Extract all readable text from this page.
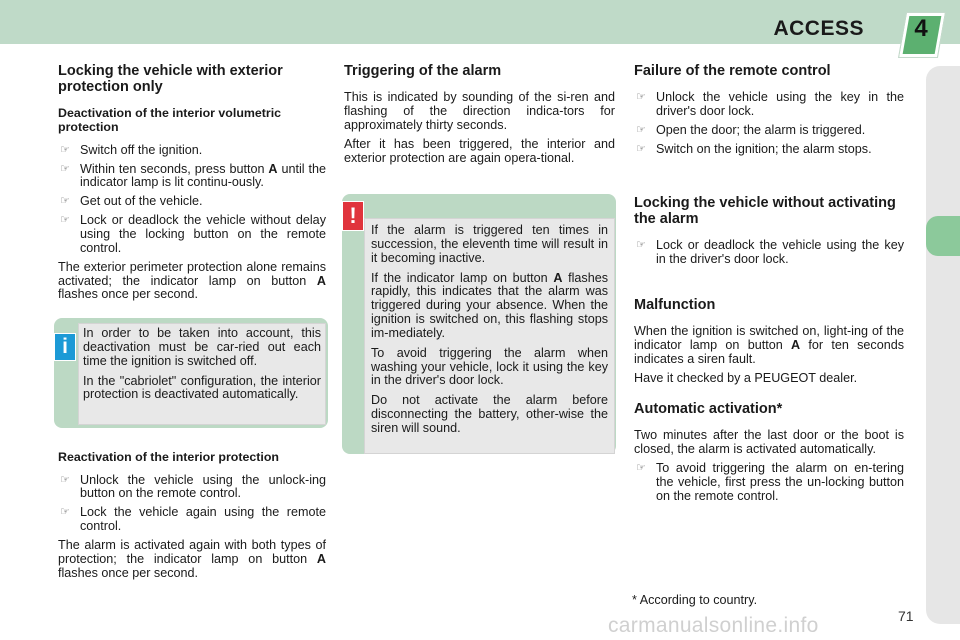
ACCESS	4
Locking the vehicle with exterior protection only
Deactivation of the interior volumetric protection
☞ Switch off the ignition.
☞ Within ten seconds, press button A until the indicator lamp is lit continu-ously.
☞ Get out of the vehicle.
☞ Lock or deadlock the vehicle without delay using the locking button on the remote control.

The exterior perimeter protection alone remains activated; the indicator lamp on button A flashes once per second.

i

In order to be taken into account, this deactivation must be car-ried out each time the ignition is switched off.

In the "cabriolet" configuration, the interior protection is deactivated automatically.

Reactivation of the interior protection
☞ Unlock the vehicle using the unlock-ing button on the remote control.
☞ Lock the vehicle again using the remote control.

The alarm is activated again with both types of protection; the indicator lamp on button A flashes once per second.

Triggering of the alarm

This is indicated by sounding of the si-ren and flashing of the direction indica-tors for approximately thirty seconds.

After it has been triggered, the interior and exterior protection are again opera-tional.

!

If the alarm is triggered ten times in succession, the eleventh time will result in it becoming inactive.

If the indicator lamp on button A flashes rapidly, this indicates that the alarm was triggered during your absence. When the ignition is switched on, this flashing stops im-mediately.

To avoid triggering the alarm when washing your vehicle, lock it using the key in the driver's door lock.

Do not activate the alarm before disconnecting the battery, other-wise the siren will sound.

Failure of the remote control
☞ Unlock the vehicle using the key in the driver's door lock.
☞ Open the door; the alarm is triggered.
☞ Switch on the ignition; the alarm stops.
Locking the vehicle without activating the alarm
☞ Lock or deadlock the vehicle using the key in the driver's door lock.
Malfunction

When the ignition is switched on, light-ing of the indicator lamp on button A for ten seconds indicates a siren fault.

Have it checked by a PEUGEOT dealer.

Automatic activation*

Two minutes after the last door or the boot is closed, the alarm is activated automatically.

☞ To avoid triggering the alarm on en-tering the vehicle, first press the un-locking button on the remote control.
* According to country.
carmanualsonline.info	71
